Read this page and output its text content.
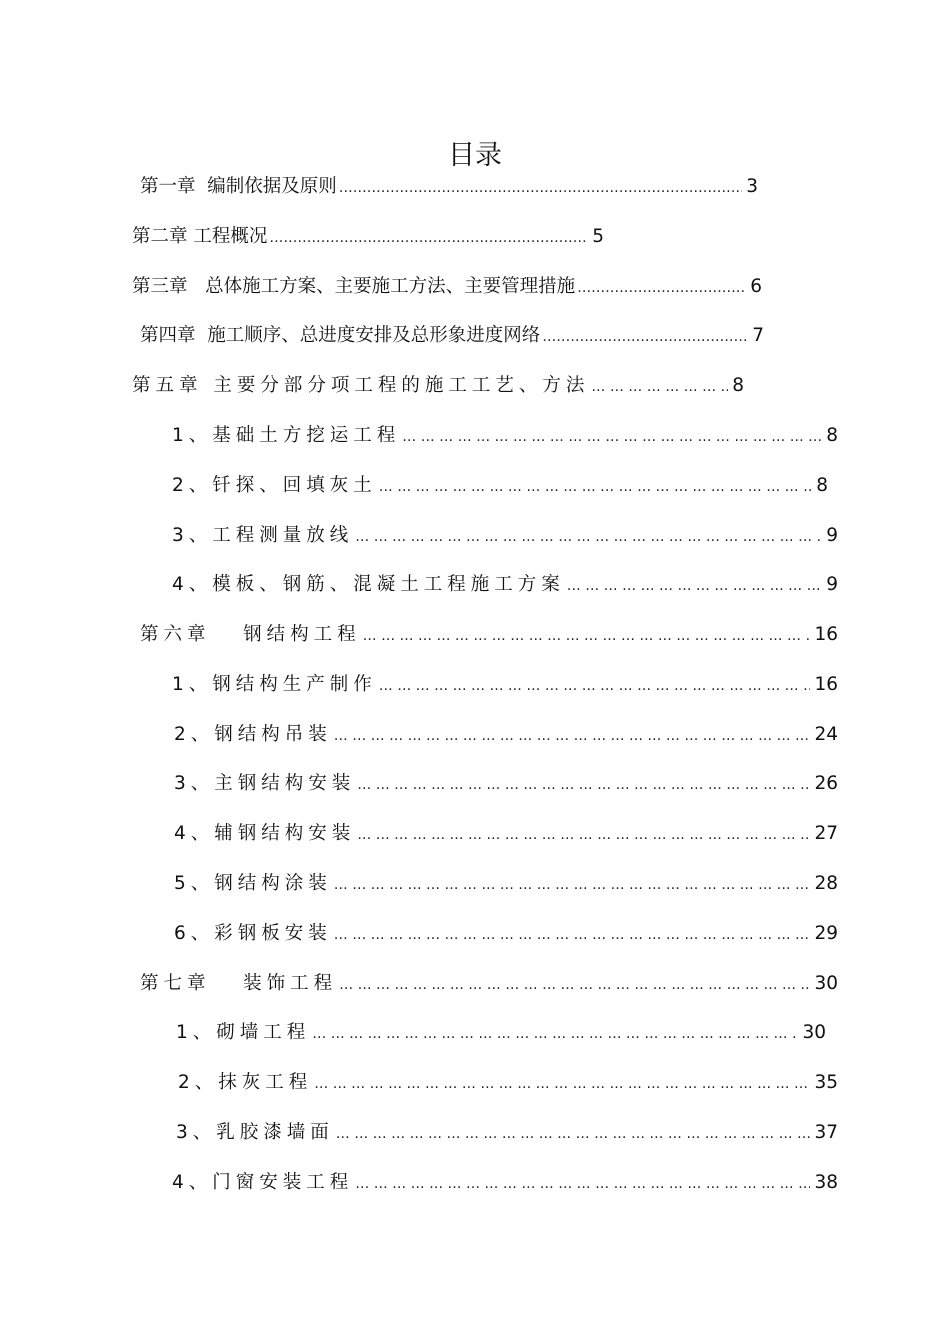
目录
第一章  编制依据及原则 …………………………………………………………………………………………………………………………………………………………………………………………………	3
第二章 工程概况 …………………………………………………………………………………………………………………………………………………………………………………………………	5
第三章   总体施工方案、主要施工方法、主要管理措施 …………………………………………………………………………………………………………………………………………………………………………………………………	6
第四章  施工顺序、总进度安排及总形象进度网络 …………………………………………………………………………………………………………………………………………………………………………………………………	7
第五章 主要分部分项工程的施工工艺、方法 … … … … … … … … … … … … … … … … … … … … … … … … … … … … … … … … … … … … … … … … … … … … … … … … … … … … … … …	8
1、基础土方挖运工程 … … … … … … … … … … … … … … … … … … … … … … … … … … … … … … … … … … … … … … … … … … … … … … … … … … … … … … …	8
2、钎探、回填灰土 … … … … … … … … … … … … … … … … … … … … … … … … … … … … … … … … … … … … … … … … … … … … … … … … … … … … … … …	8
3、工程测量放线 … … … … … … … … … … … … … … … … … … … … … … … … … … … … … … … … … … … … … … … … … … … … … … … … … … … … … … …	9
4、模板、钢筋、混凝土工程施工方案 … … … … … … … … … … … … … … … … … … … … … … … … … … … … … … … … … … … … … … … … … … … … … … … … … … … … … … …	9
第六章   钢结构工程 … … … … … … … … … … … … … … … … … … … … … … … … … … … … … … … … … … … … … … … … … … … … … … … … … … … … … … …	16
1、钢结构生产制作 … … … … … … … … … … … … … … … … … … … … … … … … … … … … … … … … … … … … … … … … … … … … … … … … … … … … … … …	16
2、钢结构吊装 … … … … … … … … … … … … … … … … … … … … … … … … … … … … … … … … … … … … … … … … … … … … … … … … … … … … … … …	24
3、主钢结构安装 … … … … … … … … … … … … … … … … … … … … … … … … … … … … … … … … … … … … … … … … … … … … … … … … … … … … … … …	26
4、辅钢结构安装 … … … … … … … … … … … … … … … … … … … … … … … … … … … … … … … … … … … … … … … … … … … … … … … … … … … … … … …	27
5、钢结构涂装 … … … … … … … … … … … … … … … … … … … … … … … … … … … … … … … … … … … … … … … … … … … … … … … … … … … … … … …	28
6、彩钢板安装 … … … … … … … … … … … … … … … … … … … … … … … … … … … … … … … … … … … … … … … … … … … … … … … … … … … … … … …	29
第七章   装饰工程 … … … … … … … … … … … … … … … … … … … … … … … … … … … … … … … … … … … … … … … … … … … … … … … … … … … … … … …	30
1、砌墙工程 … … … … … … … … … … … … … … … … … … … … … … … … … … … … … … … … … … … … … … … … … … … … … … … … … … … … … … …	30
2、抹灰工程 … … … … … … … … … … … … … … … … … … … … … … … … … … … … … … … … … … … … … … … … … … … … … … … … … … … … … … …	35
3、乳胶漆墙面 … … … … … … … … … … … … … … … … … … … … … … … … … … … … … … … … … … … … … … … … … … … … … … … … … … … … … … …	37
4、门窗安装工程 … … … … … … … … … … … … … … … … … … … … … … … … … … … … … … … … … … … … … … … … … … … … … … … … … … … … … … …	38
